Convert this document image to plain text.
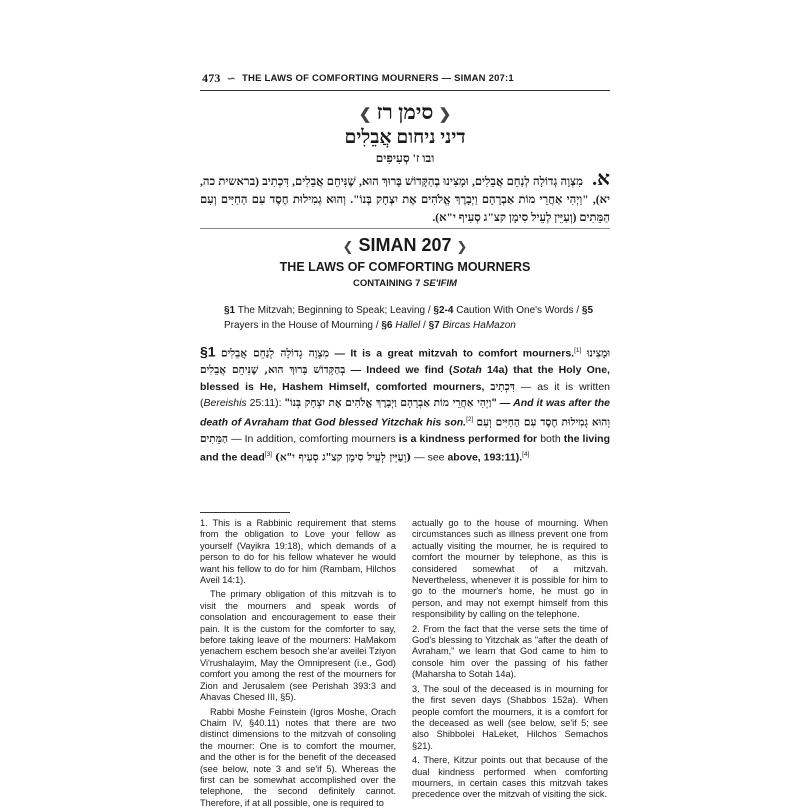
473 ∽ THE LAWS OF COMFORTING MOURNERS — SIMAN 207:1
❮ סימן רז ❯
דיני ניחום אֲבֵלִים
ובו ז' סְעִיפִים
א. מִצְוָה גְדוֹלָה לְנַחֵם אֲבֵלִים, וּמָצִינוּ בְהַקָּדוֹשׁ בָּרוּךְ הוּא, שֶׁנִּיחֵם אֲבֵלִים, דִּכְתִיב (בראשית כה, יא), "וַיְהִי אַחֲרֵי מוֹת אַבְרָהָם וַיְבָרֶךְ אֱלֹהִים אֶת יִצְחָק בְּנוֹ". וְהוּא גְמִילוּת חֶסֶד עִם הַחַיִּים וְעִם הַמֵּתִים (וְעַיֵּין לְעֵיל סִימָן קצ"ג סְעִיף י"א).
❮ SIMAN 207 ❯
THE LAWS OF COMFORTING MOURNERS
CONTAINING 7 SE'IFIM
§1 The Mitzvah; Beginning to Speak; Leaving / §2-4 Caution With One's Words / §5 Prayers in the House of Mourning / §6 Hallel / §7 Bircas HaMazon
§1 מִצְוָה גְדוֹלָה לְנַחֵם אֲבֵלִים — It is a great mitzvah to comfort mourners.[1] וּמָצִינוּ בְהַקָּדוֹשׁ בָּרוּךְ הוּא, שֶׁנִּיחֵם אֲבֵלִים — Indeed we find (Sotah 14a) that the Holy One, blessed is He, Hashem Himself, comforted mourners, דִּכְתִיב — as it is written (Bereishis 25:11): "וַיְהִי אַחֲרֵי מוֹת אַבְרָהָם וַיְבָרֶךְ אֱלֹהִים אֶת יִצְחָק בְּנוֹ" — And it was after the death of Avraham that God blessed Yitzchak his son.[2] וְהוּא גְמִילוּת חֶסֶד עִם הַחַיִּים וְעִם הַמֵּתִים — In addition, comforting mourners is a kindness performed for both the living and the dead[3] (וְעַיֵּין לְעֵיל סִימָן קצ"ג סְעִיף י"א) — see above, 193:11).[4]

1. This is a Rabbinic requirement that stems from the obligation to Love your fellow as yourself (Vayikra 19:18), which demands of a person to do for his fellow whatever he would want his fellow to do for him (Rambam, Hilchos Aveil 14:1).

The primary obligation of this mitzvah is to visit the mourners and speak words of consolation and encouragement to ease their pain. It is the custom for the comforter to say, before taking leave of the mourners: HaMakom yenachem eschem besoch she'ar aveilei Tziyon Vi'rushalayim, May the Omnipresent (i.e., God) comfort you among the rest of the mourners for Zion and Jerusalem (see Perishah 393:3 and Ahavas Chesed III, §5).

Rabbi Moshe Feinstein (Igros Moshe, Orach Chaim IV, §40.11) notes that there are two distinct dimensions to the mitzvah of consoling the mourner: One is to comfort the mourner, and the other is for the benefit of the deceased (see below, note 3 and se'if 5). Whereas the first can be somewhat accomplished over the telephone, the second definitely cannot. Therefore, if at all possible, one is required to

actually go to the house of mourning. When circumstances such as illness prevent one from actually visiting the mourner, he is required to comfort the mourner by telephone, as this is considered somewhat of a mitzvah. Nevertheless, whenever it is possible for him to go to the mourner's home, he must go in person, and may not exempt himself from this responsibility by calling on the telephone.

2. From the fact that the verse sets the time of God's blessing to Yitzchak as "after the death of Avraham," we learn that God came to him to console him over the passing of his father (Maharsha to Sotah 14a).

3. The soul of the deceased is in mourning for the first seven days (Shabbos 152a). When people comfort the mourners, it is a comfort for the deceased as well (see below, se'if 5; see also Shibbolei HaLeket, Hilchos Semachos §21).

4. There, Kitzur points out that because of the dual kindness performed when comforting mourners, in certain cases this mitzvah takes precedence over the mitzvah of visiting the sick.
